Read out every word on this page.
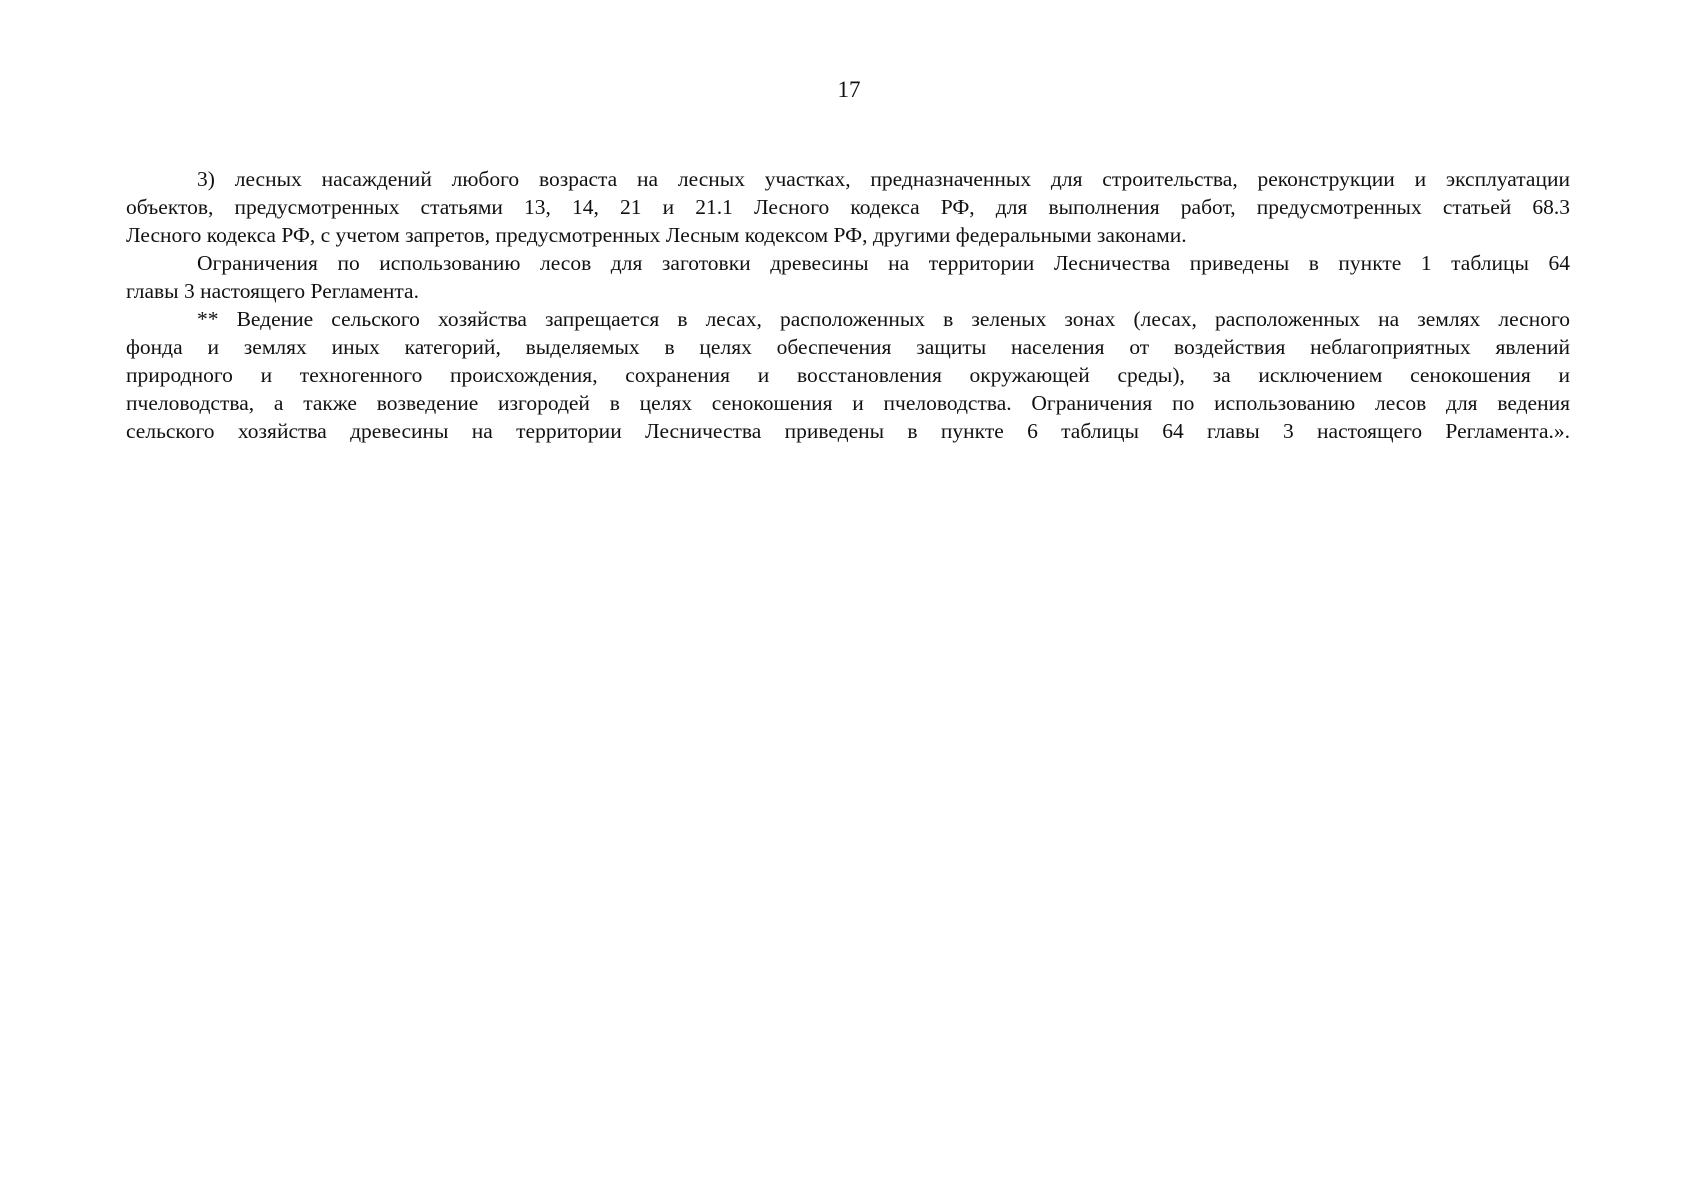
17

3) лесных насаждений любого возраста на лесных участках, предназначенных для строительства, реконструкции и эксплуатации
объектов, предусмотренных статьями 13, 14, 21 и 21.1 Лесного кодекса РФ, для выполнения работ, предусмотренных статьей 68.3
Лесного кодекса РФ, с учетом запретов, предусмотренных Лесным кодексом РФ, другими федеральными законами.

Ограничения по использованию лесов для заготовки древесины на территории Лесничества приведены в пункте 1 таблицы 64
главы 3 настоящего Регламента.

** Ведение сельского хозяйства запрещается в лесах, расположенных в зеленых зонах (лесах, расположенных на землях лесного
фонда и землях иных категорий, выделяемых в целях обеспечения защиты населения от воздействия неблагоприятных явлений
природного и техногенного происхождения, сохранения и восстановления окружающей среды), за исключением сенокошения и
пчеловодства, а также возведение изгородей в целях сенокошения и пчеловодства. Ограничения по использованию лесов для ведения
сельского хозяйства древесины на территории Лесничества приведены в пункте 6 таблицы 64 главы 3 настоящего Регламента.».
